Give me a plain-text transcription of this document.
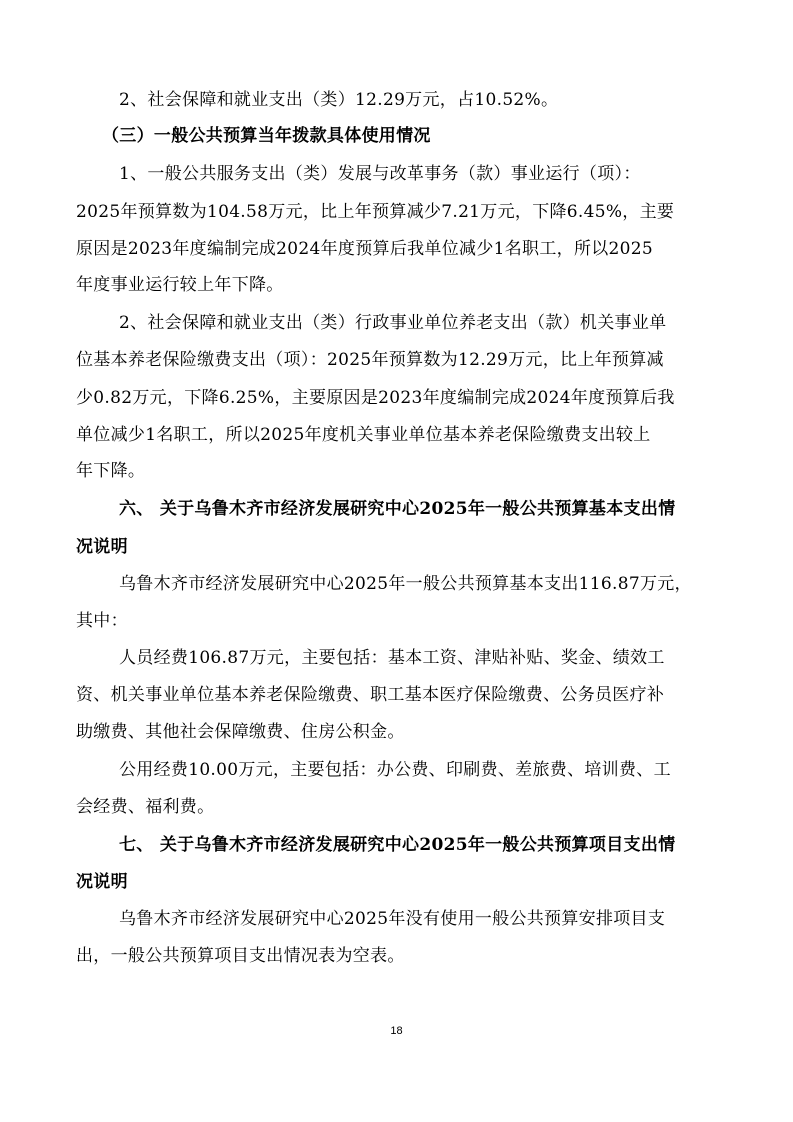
2、社会保障和就业支出（类）12.29万元，占10.52%。

（三）一般公共预算当年拨款具体使用情况

1、一般公共服务支出（类）发展与改革事务（款）事业运行（项）：

2025年预算数为104.58万元，比上年预算减少7.21万元，下降6.45%，主要

原因是2023年度编制完成2024年度预算后我单位减少1名职工，所以2025

年度事业运行较上年下降。

2、社会保障和就业支出（类）行政事业单位养老支出（款）机关事业单

位基本养老保险缴费支出（项）：2025年预算数为12.29万元，比上年预算减

少0.82万元，下降6.25%，主要原因是2023年度编制完成2024年度预算后我

单位减少1名职工，所以2025年度机关事业单位基本养老保险缴费支出较上

年下降。

六、 关于乌鲁木齐市经济发展研究中心2025年一般公共预算基本支出情

况说明

乌鲁木齐市经济发展研究中心2025年一般公共预算基本支出116.87万元，

其中：

人员经费106.87万元，主要包括：基本工资、津贴补贴、奖金、绩效工

资、机关事业单位基本养老保险缴费、职工基本医疗保险缴费、公务员医疗补

助缴费、其他社会保障缴费、住房公积金。

公用经费10.00万元，主要包括：办公费、印刷费、差旅费、培训费、工

会经费、福利费。

七、 关于乌鲁木齐市经济发展研究中心2025年一般公共预算项目支出情

况说明

乌鲁木齐市经济发展研究中心2025年没有使用一般公共预算安排项目支

出，一般公共预算项目支出情况表为空表。

18
